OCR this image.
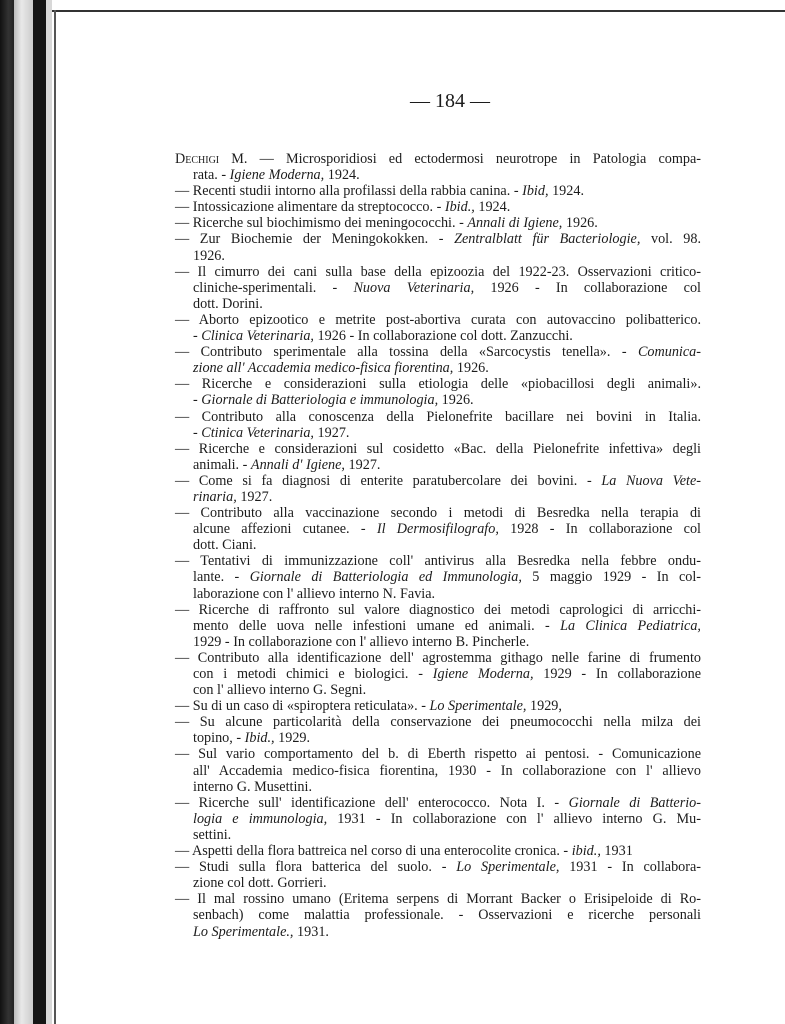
— 184 —
Dechigi M. — Microsporidiosi ed ectodermosi neurotrope in Patologia compa-
rata. - Igiene Moderna, 1924.
— Recenti studii intorno alla profilassi della rabbia canina. - Ibid, 1924.
— Intossicazione alimentare da streptococco. - Ibid., 1924.
— Ricerche sul biochimismo dei meningococchi. - Annali di Igiene, 1926.
— Zur Biochemie der Meningokokken. - Zentralblatt für Bacteriologie, vol. 98.
1926.
— Il cimurro dei cani sulla base della epizoozia del 1922-23. Osservazioni critico-
cliniche-sperimentali. - Nuova Veterinaria, 1926 - In collaborazione col
dott. Dorini.
— Aborto epizootico e metrite post-abortiva curata con autovaccino polibatterico.
- Clinica Veterinaria, 1926 - In collaborazione col dott. Zanzucchi.
— Contributo sperimentale alla tossina della «Sarcocystis tenella». - Comunica-
zione all' Accademia medico-fisica fiorentina, 1926.
— Ricerche e considerazioni sulla etiologia delle «piobacillosi degli animali».
- Giornale di Batteriologia e immunologia, 1926.
— Contributo alla conoscenza della Pielonefrite bacillare nei bovini in Italia.
- Ctinica Veterinaria, 1927.
— Ricerche e considerazioni sul cosidetto «Bac. della Pielonefrite infettiva» degli
animali. - Annali d' Igiene, 1927.
— Come si fa diagnosi di enterite paratubercolare dei bovini. - La Nuova Vete-
rinaria, 1927.
— Contributo alla vaccinazione secondo i metodi di Besredka nella terapia di
alcune affezioni cutanee. - Il Dermosifilografo, 1928 - In collaborazione col
dott. Ciani.
— Tentativi di immunizzazione coll' antivirus alla Besredka nella febbre ondu-
lante. - Giornale di Batteriologia ed Immunologia, 5 maggio 1929 - In col-
laborazione con l' allievo interno N. Favia.
— Ricerche di raffronto sul valore diagnostico dei metodi caprologici di arricchi-
mento delle uova nelle infestioni umane ed animali. - La Clinica Pediatrica,
1929 - In collaborazione con l' allievo interno B. Pincherle.
— Contributo alla identificazione dell' agrostemma githago nelle farine di frumento
con i metodi chimici e biologici. - Igiene Moderna, 1929 - In collaborazione
con l' allievo interno G. Segni.
— Su di un caso di «spiroptera reticulata». - Lo Sperimentale, 1929,
— Su alcune particolarità della conservazione dei pneumococchi nella milza dei
topino, - Ibid., 1929.
— Sul vario comportamento del b. di Eberth rispetto ai pentosi. - Comunicazione
all' Accademia medico-fisica fiorentina, 1930 - In collaborazione con l' allievo
interno G. Musettini.
— Ricerche sull' identificazione dell' enterococco. Nota I. - Giornale di Batterio-
logia e immunologia, 1931 - In collaborazione con l' allievo interno G. Mu-
settini.
— Aspetti della flora battreica nel corso di una enterocolite cronica. - ibid., 1931
— Studi sulla flora batterica del suolo. - Lo Sperimentale, 1931 - In collabora-
zione col dott. Gorrieri.
— Il mal rossino umano (Eritema serpens di Morrant Backer o Erisipeloide di Ro-
senbach) come malattia professionale. - Osservazioni e ricerche personali
Lo Sperimentale., 1931.
